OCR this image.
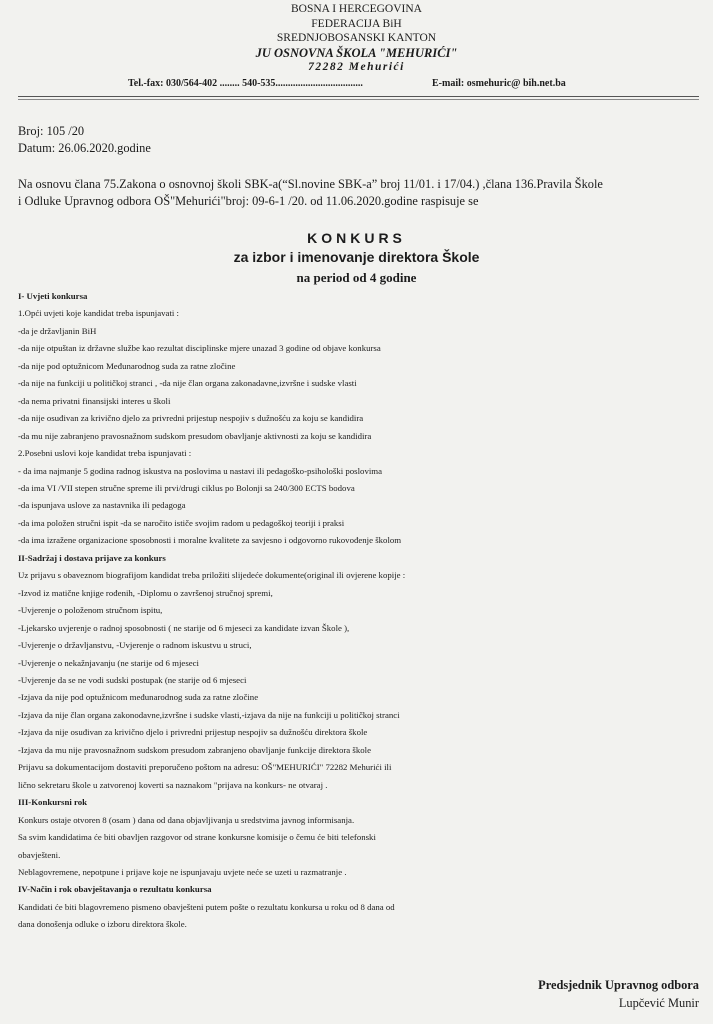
BOSNA I HERCEGOVINA
FEDERACIJA BiH
SREDNJOBOSANSKI KANTON
JU OSNOVNA ŠKOLA "MEHURIĆI"
72282 Mehurići
Tel.-fax: 030/564-402 ........ 540-535...................................	E-mail: osmehuric@ bih.net.ba
Broj: 105 /20
Datum: 26.06.2020.godine
Na osnovu člana 75.Zakona o osnovnoj školi SBK-a(“Sl.novine SBK-a” broj 11/01. i 17/04.) ,člana 136.Pravila Škole
i Odluke Upravnog odbora OŠ"Mehurići"broj: 09-6-1 /20. od 11.06.2020.godine raspisuje se
KONKURS
za izbor i imenovanje direktora Škole
na period od 4 godine
I- Uvjeti konkursa
1.Opći uvjeti koje kandidat treba ispunjavati :
-da je državljanin BiH
-da nije otpuštan iz državne službe kao rezultat disciplinske mjere unazad 3 godine od objave konkursa
-da nije pod optužnicom Međunarodnog suda za ratne zločine
-da nije na funkciji u političkoj stranci , -da nije član organa zakonadavne,izvršne i sudske vlasti
-da nema privatni finansijski interes u školi
-da nije osuđivan za krivično djelo za privredni prijestup nespojiv s dužnošću za koju se kandidira
-da mu nije zabranjeno pravosnažnom sudskom presudom obavljanje aktivnosti za koju se kandidira
2.Posebni uslovi koje kandidat treba ispunjavati :
- da ima najmanje 5 godina radnog iskustva na poslovima u nastavi ili pedagoško-psihološki poslovima
-da ima VI /VII stepen stručne spreme ili prvi/drugi ciklus po Bolonji sa 240/300 ECTS bodova
-da ispunjava uslove za nastavnika ili pedagoga
-da ima položen stručni ispit -da se naročito ističe svojim radom u pedagoškoj teoriji i praksi
-da ima izražene organizacione sposobnosti i moralne kvalitete za savjesno i odgovorno rukovođenje školom
II-Sadržaj i dostava prijave za konkurs
Uz prijavu s obaveznom biografijom kandidat treba priložiti slijedeće dokumente(original ili ovjerene kopije :
-Izvod iz matične knjige rođenih, -Diplomu o završenoj stručnoj spremi,
-Uvjerenje o položenom stručnom ispitu,
-Ljekarsko uvjerenje o radnoj sposobnosti ( ne starije od 6 mjeseci za kandidate izvan Škole ),
-Uvjerenje o državljanstvu, -Uvjerenje o radnom iskustvu u struci,
-Uvjerenje o nekažnjavanju (ne starije od 6 mjeseci
-Uvjerenje da se ne vodi sudski postupak (ne starije od 6 mjeseci
-Izjava da nije pod optužnicom međunarodnog suda za ratne zločine
-Izjava da nije član organa zakonodavne,izvršne i sudske vlasti,-izjava da nije na funkciji u političkoj stranci
-Izjava da nije osuđivan za krivično djelo i privredni prijestup nespojiv sa dužnošću direktora škole
-Izjava da mu nije pravosnažnom sudskom presudom zabranjeno obavljanje funkcije direktora škole
Prijavu sa dokumentacijom dostaviti preporučeno poštom na adresu: OŠ"MEHURIĆI" 72282 Mehurići ili
lično sekretaru škole u zatvorenoj koverti sa naznakom "prijava na konkurs- ne otvaraj .
III-Konkursni rok
Konkurs ostaje otvoren 8 (osam ) dana od dana objavljivanja u sredstvima javnog informisanja.
Sa svim kandidatima će biti obavljen razgovor od strane konkursne komisije o čemu će biti telefonski
obavješteni.
Neblagovremene, nepotpune i prijave koje ne ispunjavaju uvjete neće se uzeti u razmatranje .
IV-Način i rok obavještavanja o rezultatu konkursa
Kandidati će biti blagovremeno pismeno obavješteni putem pošte o rezultatu konkursa u roku od 8 dana od
dana donošenja odluke o izboru direktora škole.
Predsjednik Upravnog odbora
Lupčević Munir
